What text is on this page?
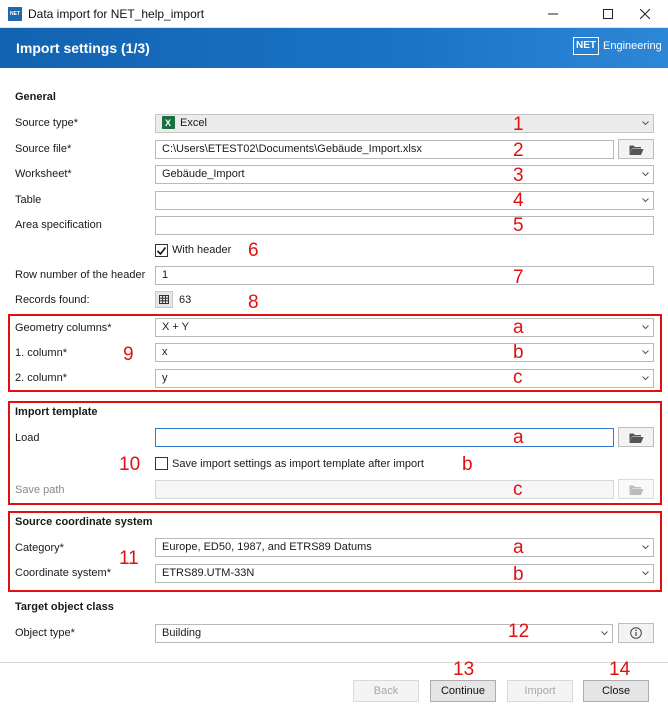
NET Data import for NET_help_import
Import settings (1/3)	NET Engineering
General
Source type*	X Excel
Source file*	C:\Users\ETEST02\Documents\Gebäude_Import.xlsx
Worksheet*	Gebäude_Import
Table
Area specification
With header
Row number of the header	1
Records found:	63
Geometry columns*	X + Y
1. column*	x
2. column*	y
Import template
Load
Save import settings as import template after import
Save path
Source coordinate system
Category*	Europe, ED50, 1987, and ETRS89 Datums
Coordinate system*	ETRS89.UTM-33N
Target object class
Object type*	Building
Back	Continue	Import	Close
1
2
3
4
5
6
7
8
a
9	b
c
a
10	b
c
a
11
b
12
13	14
